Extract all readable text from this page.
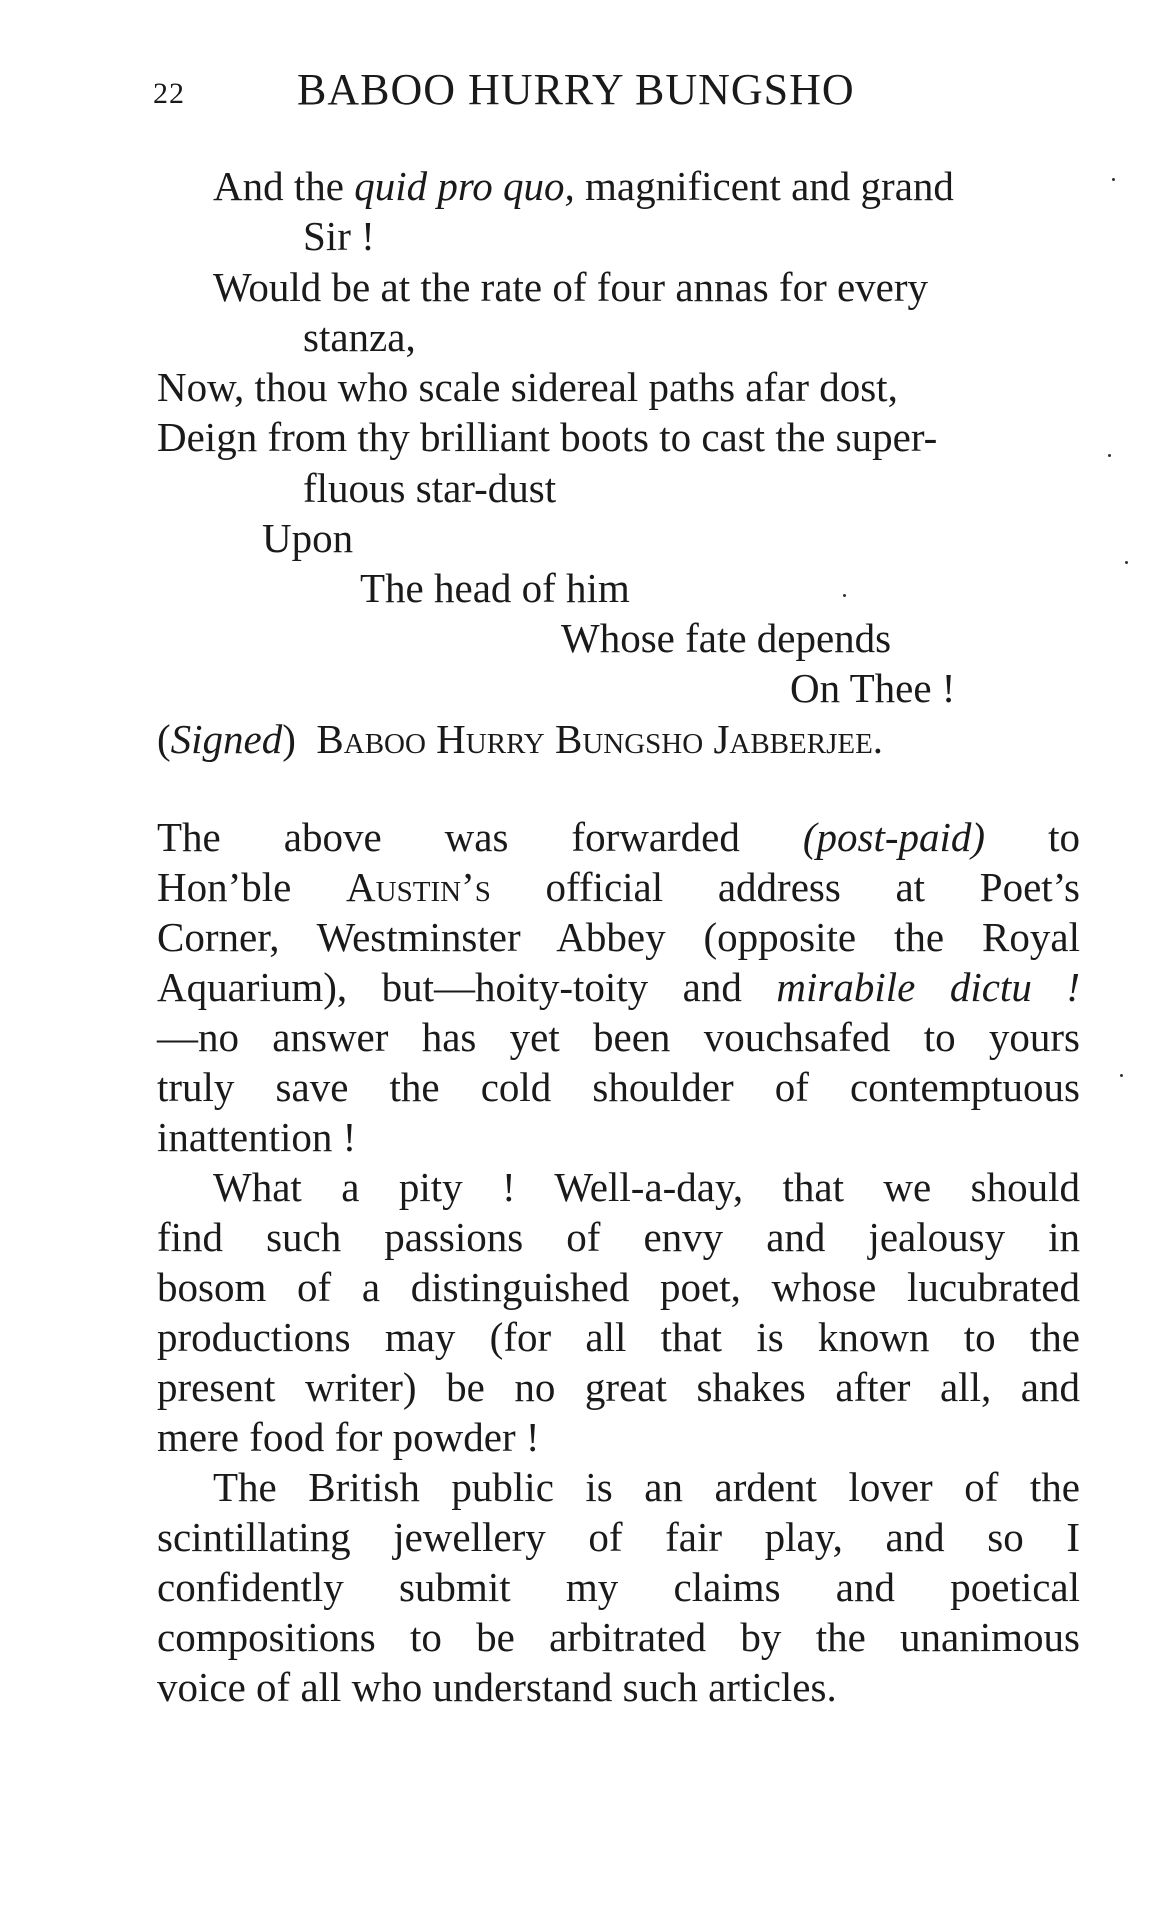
22	BABOO HURRY BUNGSHO
And the quid pro quo, magnificent and grand
Sir !
Would be at the rate of four annas for every
stanza,
Now, thou who scale sidereal paths afar dost,
Deign from thy brilliant boots to cast the super-
fluous star-dust
Upon
The head of him
Whose fate depends
On Thee !
(Signed) Baboo Hurry Bungsho Jabberjee.
The above was forwarded (post-paid) to
Hon’ble Austin’s official address at Poet’s
Corner, Westminster Abbey (opposite the Royal
Aquarium), but—hoity-toity and mirabile dictu !
—no answer has yet been vouchsafed to yours
truly save the cold shoulder of contemptuous
inattention !
What a pity ! Well-a-day, that we should
find such passions of envy and jealousy in
bosom of a distinguished poet, whose lucubrated
productions may (for all that is known to the
present writer) be no great shakes after all, and
mere food for powder !
The British public is an ardent lover of the
scintillating jewellery of fair play, and so I
confidently submit my claims and poetical
compositions to be arbitrated by the unanimous
voice of all who understand such articles.
